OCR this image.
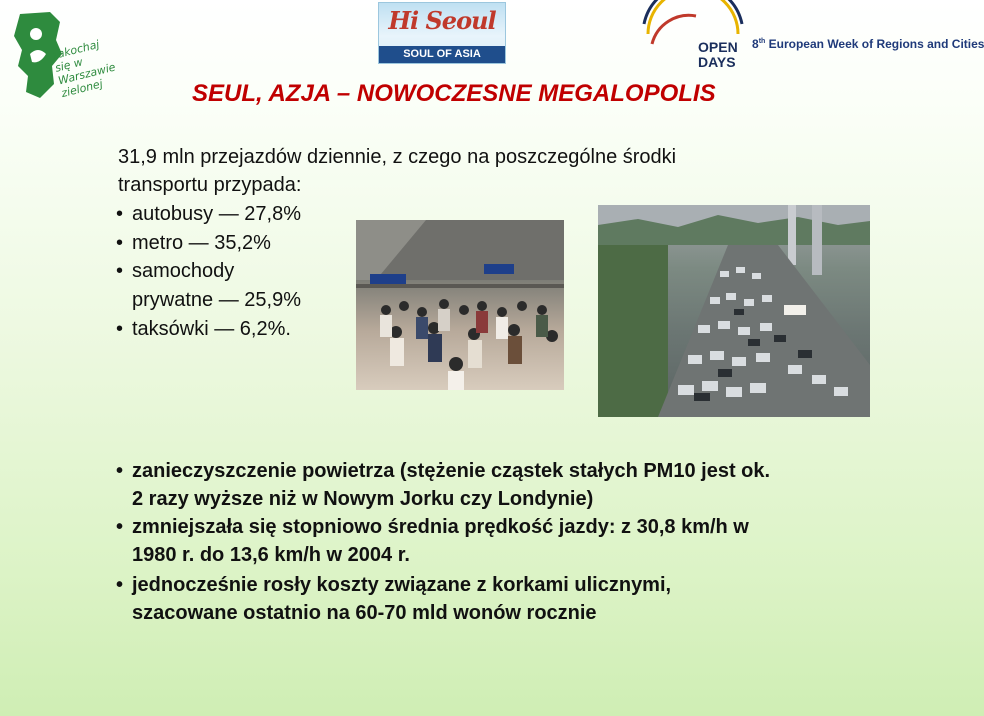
zakochaj się w Warszawie zielonej
Hi Seoul
SOUL OF ASIA	OPEN
DAYS
8th European Week of Regions and Cities
SEUL, AZJA – NOWOCZESNE MEGALOPOLIS
31,9 mln przejazdów dziennie, z czego na poszczególne środki
transportu przypada:
• autobusy — 27,8%
• metro — 35,2%
• samochody
prywatne — 25,9%
• taksówki — 6,2%.
• zanieczyszczenie powietrza (stężenie cząstek stałych PM10 jest ok.
2 razy wyższe niż w Nowym Jorku czy Londynie)
• zmniejszała się stopniowo średnia prędkość jazdy: z 30,8 km/h w
1980 r. do 13,6 km/h w 2004 r.
• jednocześnie rosły koszty związane z korkami ulicznymi,
szacowane ostatnio na 60-70 mld wonów rocznie
